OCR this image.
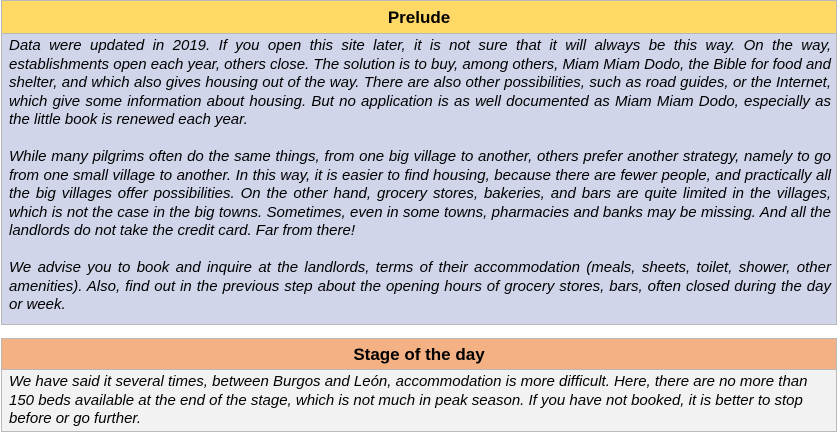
Prelude

Data were updated in 2019. If you open this site later, it is not sure that it will always be this way. On the way, establishments open each year, others close. The solution is to buy, among others, Miam Miam Dodo, the Bible for food and shelter, and which also gives housing out of the way. There are also other possibilities, such as road guides, or the Internet, which give some information about housing. But no application is as well documented as Miam Miam Dodo, especially as the little book is renewed each year.

While many pilgrims often do the same things, from one big village to another, others prefer another strategy, namely to go from one small village to another. In this way, it is easier to find housing, because there are fewer people, and practically all the big villages offer possibilities. On the other hand, grocery stores, bakeries, and bars are quite limited in the villages, which is not the case in the big towns. Sometimes, even in some towns, pharmacies and banks may be missing. And all the landlords do not take the credit card. Far from there!

We advise you to book and inquire at the landlords, terms of their accommodation (meals, sheets, toilet, shower, other amenities). Also, find out in the previous step about the opening hours of grocery stores, bars, often closed during the day or week.

Stage of the day

We have said it several times, between Burgos and León, accommodation is more difficult. Here, there are no more than 150 beds available at the end of the stage, which is not much in peak season. If you have not booked, it is better to stop before or go further.
